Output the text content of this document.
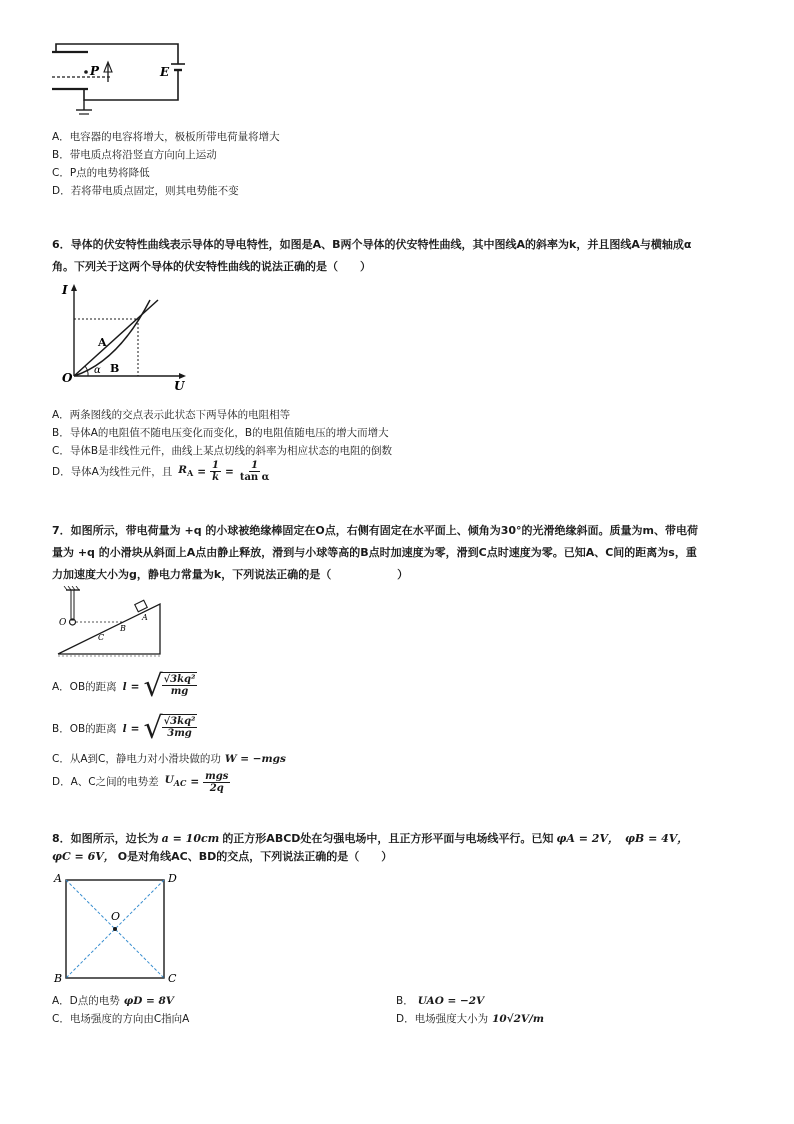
P	E
A．电容器的电容将增大，极板所带电荷量将增大
B．带电质点将沿竖直方向向上运动
C．P点的电势将降低
D．若将带电质点固定，则其电势能不变
6．导体的伏安特性曲线表示导体的导电特性，如图是A、B两个导体的伏安特性曲线，其中图线A的斜率为k，并且图线A与横轴成α
角。下列关于这两个导体的伏安特性曲线的说法正确的是（　　）
I
U
O
A
B
α
A．两条图线的交点表示此状态下两导体的电阻相等
B．导体A的电阻值不随电压变化而变化，B的电阻值随电压的增大而增大
C．导体B是非线性元件，曲线上某点切线的斜率为相应状态的电阻的倒数
D．导体A为线性元件，且 $R_A = \frac{1}{k} = \frac{1}{\text{tan α}}$
7．如图所示，带电荷量为 +q 的小球被绝缘棒固定在O点，右侧有固定在水平面上、倾角为30°的光滑绝缘斜面。质量为m、带电荷
量为 +q 的小滑块从斜面上A点由静止释放，滑到与小球等高的B点时加速度为零，滑到C点时速度为零。已知A、C间的距离为s，重
力加速度大小为g，静电力常量为k，下列说法正确的是（　　　　　　）
O
A
B
C
A．OB的距离 l = √ $\frac{\text{√3kq²}}{mg}$
B．OB的距离 l = √ $\frac{\text{√3kq²}}{3mg}$
C．从A到C，静电力对小滑块做的功 W = −mgs
D．A、C之间的电势差 $U_{AC} = \frac{\text{mgs}}{2q}$
8．如图所示，边长为 a = 10cm 的正方形ABCD处在匀强电场中，且正方形平面与电场线平行。已知 φA = 2V， φB = 4V，
φC = 6V， O是对角线AC、BD的交点，下列说法正确的是（　　）
A	D
B	C
O
A．D点的电势 φD = 8V	B． UAO = −2V
C．电场强度的方向由C指向A	D．电场强度大小为 10√2V/m
